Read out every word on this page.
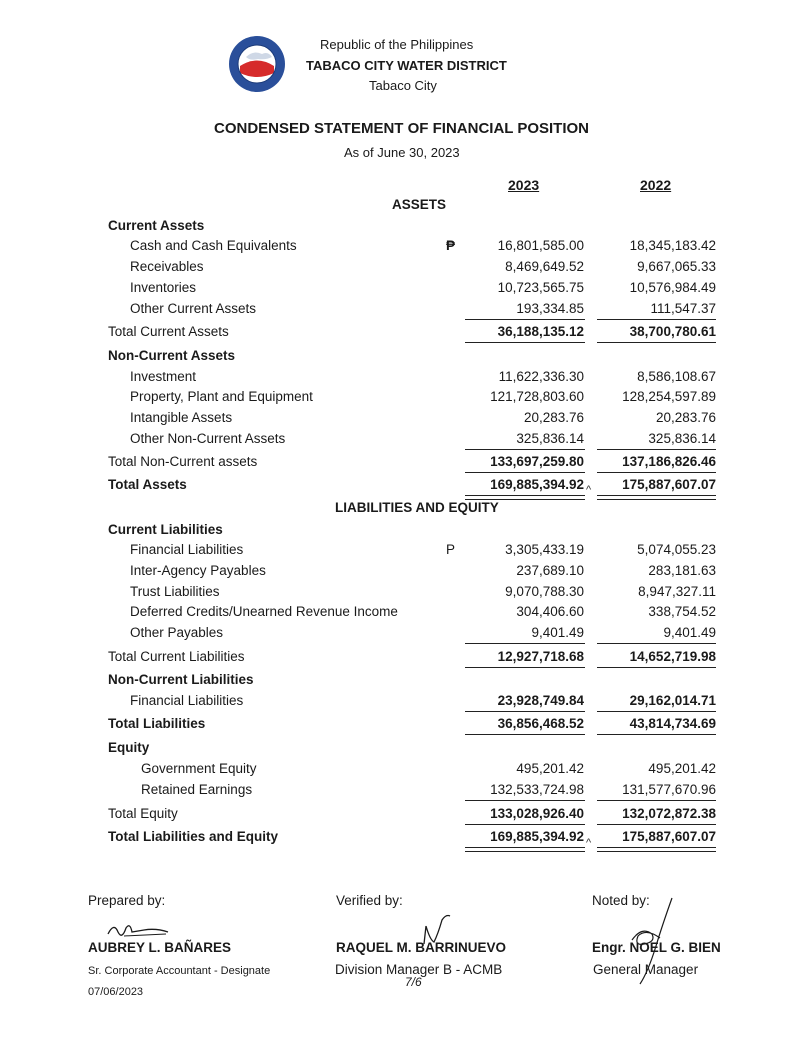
Republic of the Philippines
TABACO CITY WATER DISTRICT
Tabaco City
CONDENSED STATEMENT OF FINANCIAL POSITION
As of June 30, 2023
2023	2022
ASSETS
Current Assets
Cash and Cash Equivalents	₱	16,801,585.00	18,345,183.42
Receivables	8,469,649.52	9,667,065.33
Inventories	10,723,565.75	10,576,984.49
Other Current Assets	193,334.85	111,547.37
Total Current Assets	36,188,135.12	38,700,780.61
Non-Current Assets
Investment	11,622,336.30	8,586,108.67
Property, Plant and Equipment	121,728,803.60	128,254,597.89
Intangible Assets	20,283.76	20,283.76
Other Non-Current Assets	325,836.14	325,836.14
Total Non-Current assets	133,697,259.80	137,186,826.46
Total Assets	169,885,394.92	175,887,607.07
^
LIABILITIES AND EQUITY
Current Liabilities
Financial Liabilities	P	3,305,433.19	5,074,055.23
Inter-Agency Payables	237,689.10	283,181.63
Trust Liabilities	9,070,788.30	8,947,327.11
Deferred Credits/Unearned Revenue Income	304,406.60	338,754.52
Other Payables	9,401.49	9,401.49
Total Current Liabilities	12,927,718.68	14,652,719.98
Non-Current Liabilities
Financial Liabilities	23,928,749.84	29,162,014.71
Total Liabilities	36,856,468.52	43,814,734.69
Equity
Government Equity	495,201.42	495,201.42
Retained Earnings	132,533,724.98	131,577,670.96
Total Equity	133,028,926.40	132,072,872.38
Total Liabilities and Equity	169,885,394.92	175,887,607.07
^
Prepared by:
AUBREY L. BAÑARES
Sr. Corporate Accountant - Designate
07/06/2023
Verified by:
RAQUEL M. BARRINUEVO
Division Manager B - ACMB
7/6
Noted by:
Engr. NOEL G. BIEN
General Manager
